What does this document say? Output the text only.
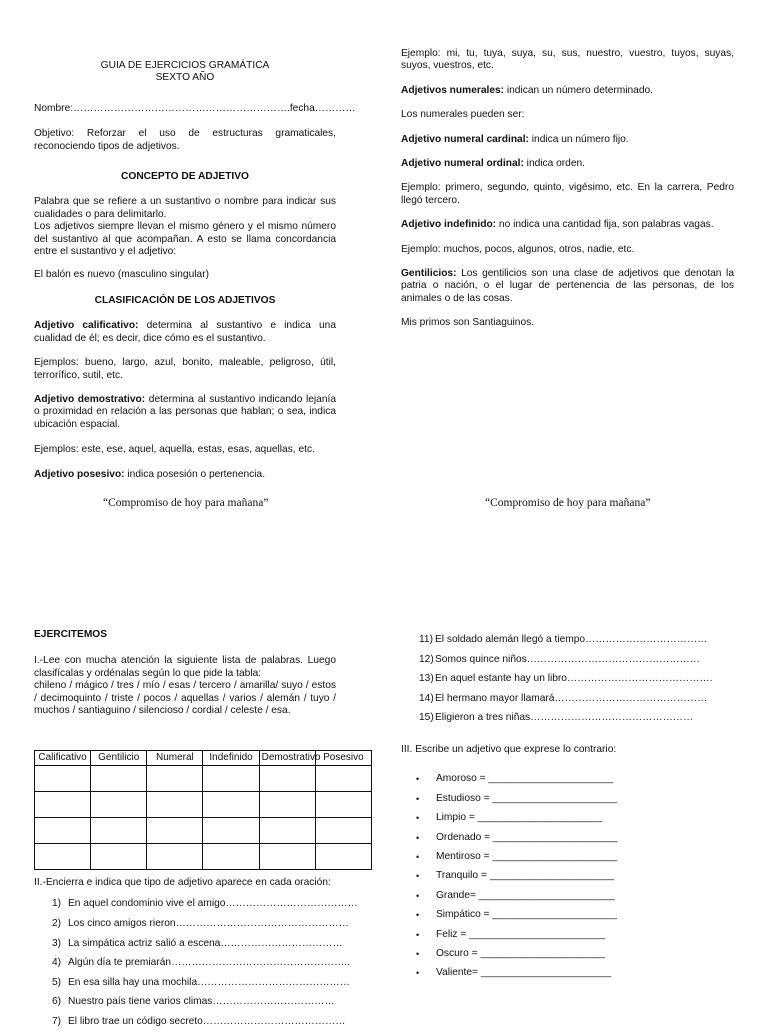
GUIA DE EJERCICIOS GRAMÁTICA

SEXTO AÑO

Nombre:……………………………………………………….fecha…………

Objetivo: Reforzar el uso de estructuras gramaticales, reconociendo tipos de adjetivos.

CONCEPTO DE ADJETIVO

Palabra que se refiere a un sustantivo o nombre para indicar sus cualidades o para delimitarlo.

Los adjetivos siempre llevan el mismo género y el mismo número del sustantivo al que acompañan. A esto se llama concordancia entre el sustantivo y el adjetivo:

El balón es nuevo (masculino singular)

CLASIFICACIÓN DE LOS ADJETIVOS

Adjetivo calificativo: determina al sustantivo e indica una cualidad de él; es decir, dice cómo es el sustantivo.

Ejemplos: bueno, largo, azul, bonito, maleable, peligroso, útil, terrorífico, sutil, etc.

Adjetivo demostrativo: determina al sustantivo indicando lejanía o proximidad en relación a las personas que hablan; o sea, indica ubicación espacial.

Ejemplos: este, ese, aquel, aquella, estas, esas, aquellas, etc.

Adjetivo posesivo: indica posesión o pertenencia.

“Compromiso de hoy para mañana”

Ejemplo: mi, tu, tuya, suya, su, sus, nuestro, vuestro, tuyos, suyas, suyos, vuestros, etc.

Adjetivos numerales: indican un número determinado.

Los numerales pueden ser:

Adjetivo numeral cardinal: indica un número fijo.

Adjetivo numeral ordinal: indica orden.

Ejemplo: primero, segundo, quinto, vigésimo, etc. En la carrera, Pedro llegó tercero.

Adjetivo indefinido: no indica una cantidad fija, son palabras vagas.

Ejemplo: muchos, pocos, algunos, otros, nadie, etc.

Gentilicios: Los gentilicios son una clase de adjetivos que denotan la patria o nación, o el lugar de pertenencia de las personas, de los animales o de las cosas.

Mis primos son Santiaguinos.

“Compromiso de hoy para mañana”

EJERCITEMOS

I.-Lee con mucha atención la siguiente lista de palabras. Luego clasifícalas y ordénalas según lo que pide la tabla:

chileno / mágico / tres / mío / esas / tercero / amarilla/ suyo / estos / decimoquinto / triste / pocos / aquellas / varios / alemán / tuyo / muchos / santiaguino / silencioso / cordial / celeste / esa.

Calificativo	Gentilicio	Numeral	Indefinido	Demostrativo	Posesivo

II.-Encierra e indica que tipo de adjetivo aparece en cada oración:

1) En aquel condominio vive el amigo…………………………………
2) Los cinco amigos rieron……………………………………………
3) La simpática actriz salió a escena………………………………
4) Algún día te premiarán……………………………………………..
5) En esa silla hay una mochila………………………………………
6) Nuestro país tiene varios climas………………………………
7) El libro trae un código secreto……………………………………
11) El soldado alemán llegó a tiempo………………………………
12) Somos quince niños……………………………………………
13) En aquel estante hay un libro…………………………………….
14) El hermano mayor llamará………………………………………
15) Eligieron a tres niñas…………………………………………

III. Escribe un adjetivo que exprese lo contrario:

• Amoroso = ______________________
• Estudioso = ______________________
• Limpio = ______________________
• Ordenado = ______________________
• Mentiroso = ______________________
• Tranquilo = ______________________
• Grande= ________________________
• Simpático = ______________________
• Feliz = ________________________
• Oscuro = ______________________
• Valiente= _______________________
